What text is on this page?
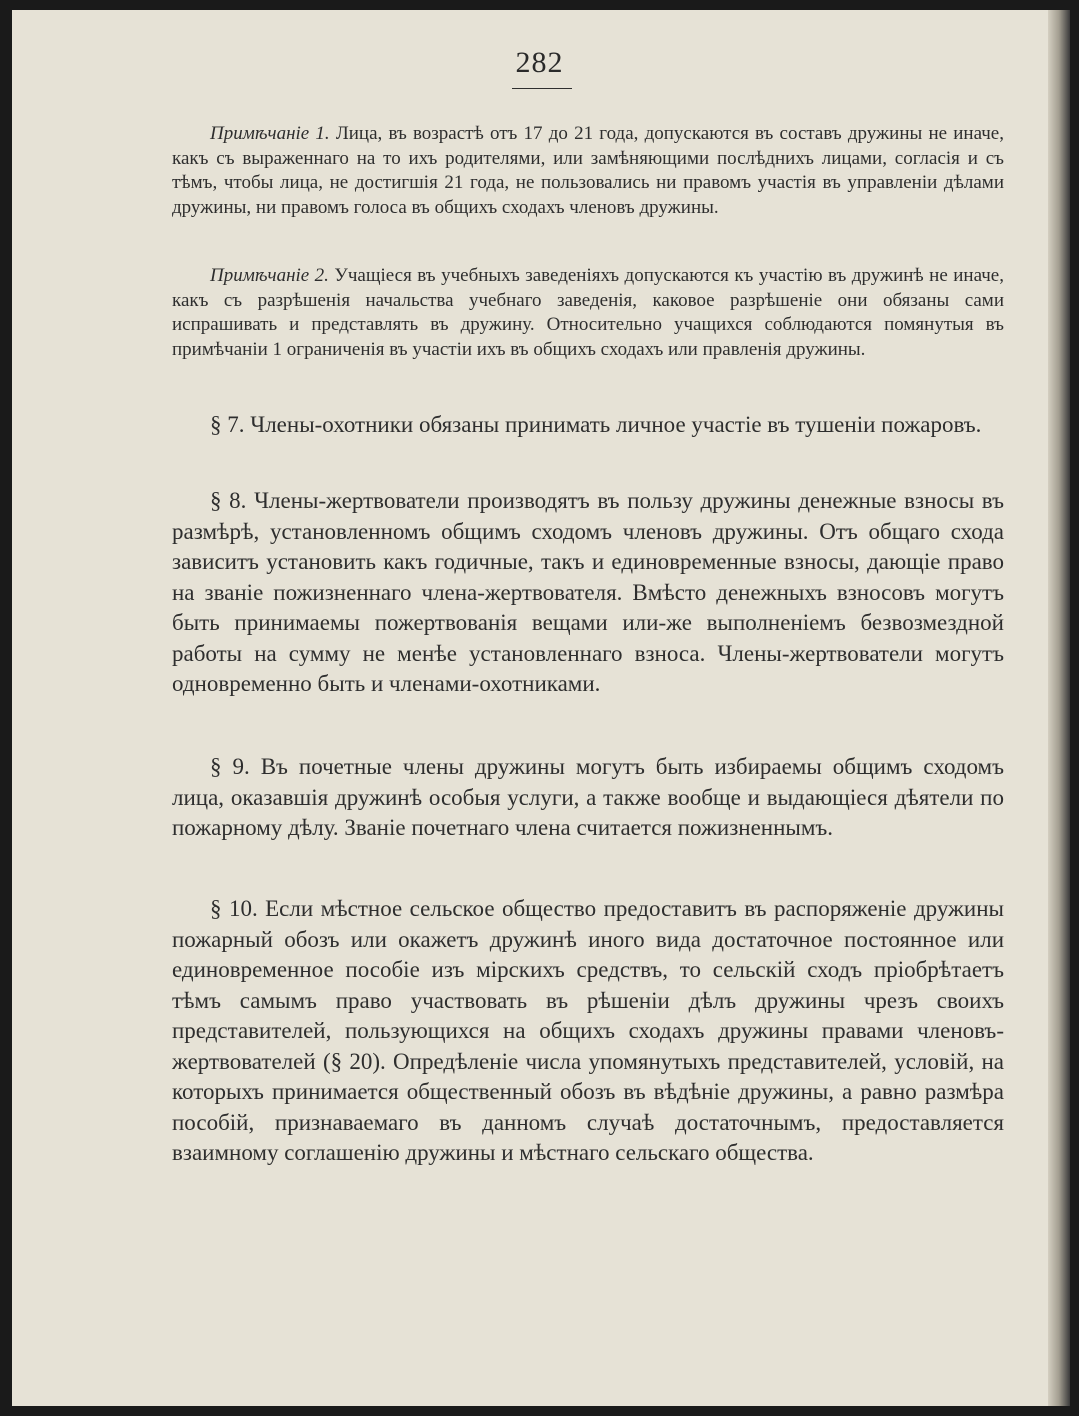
282

Примѣчаніе 1. Лица, въ возрастѣ отъ 17 до 21 года, допускаются въ составъ дружины не иначе, какъ съ выраженнаго на то ихъ родителями, или замѣняющими послѣднихъ лицами, согласія и съ тѣмъ, чтобы лица, не достигшія 21 года, не пользовались ни правомъ участія въ управленіи дѣлами дружины, ни правомъ голоса въ общихъ сходахъ членовъ дружины.

Примѣчаніе 2. Учащіеся въ учебныхъ заведеніяхъ допускаются къ участію въ дружинѣ не иначе, какъ съ разрѣшенія начальства учебнаго заведенія, каковое разрѣшеніе они обязаны сами испрашивать и представлять въ дружину. Относительно учащихся соблюдаются помянутыя въ примѣчаніи 1 ограниченія въ участіи ихъ въ общихъ сходахъ или правленія дружины.

§ 7. Члены-охотники обязаны принимать личное участіе въ тушеніи пожаровъ.

§ 8. Члены-жертвователи производятъ въ пользу дружины денежные взносы въ размѣрѣ, установленномъ общимъ сходомъ членовъ дружины. Отъ общаго схода зависитъ установить какъ годичные, такъ и единовременные взносы, дающіе право на званіе пожизненнаго члена-жертвователя. Вмѣсто денежныхъ взносовъ могутъ быть принимаемы пожертвованія вещами или-же выполненіемъ безвозмездной работы на сумму не менѣе установленнаго взноса. Члены-жертвователи могутъ одновременно быть и членами-охотниками.

§ 9. Въ почетные члены дружины могутъ быть избираемы общимъ сходомъ лица, оказавшія дружинѣ особыя услуги, а также вообще и выдающіеся дѣятели по пожарному дѣлу. Званіе почетнаго члена считается пожизненнымъ.

§ 10. Если мѣстное сельское общество предоставитъ въ распоряженіе дружины пожарный обозъ или окажетъ дружинѣ иного вида достаточное постоянное или единовременное пособіе изъ мірскихъ средствъ, то сельскій сходъ пріобрѣтаетъ тѣмъ самымъ право участвовать въ рѣшеніи дѣлъ дружины чрезъ своихъ представителей, пользующихся на общихъ сходахъ дружины правами членовъ-жертвователей (§ 20). Опредѣленіе числа упомянутыхъ представителей, условій, на которыхъ принимается общественный обозъ въ вѣдѣніе дружины, а равно размѣра пособій, признаваемаго въ данномъ случаѣ достаточнымъ, предоставляется взаимному соглашенію дружины и мѣстнаго сельскаго общества.
